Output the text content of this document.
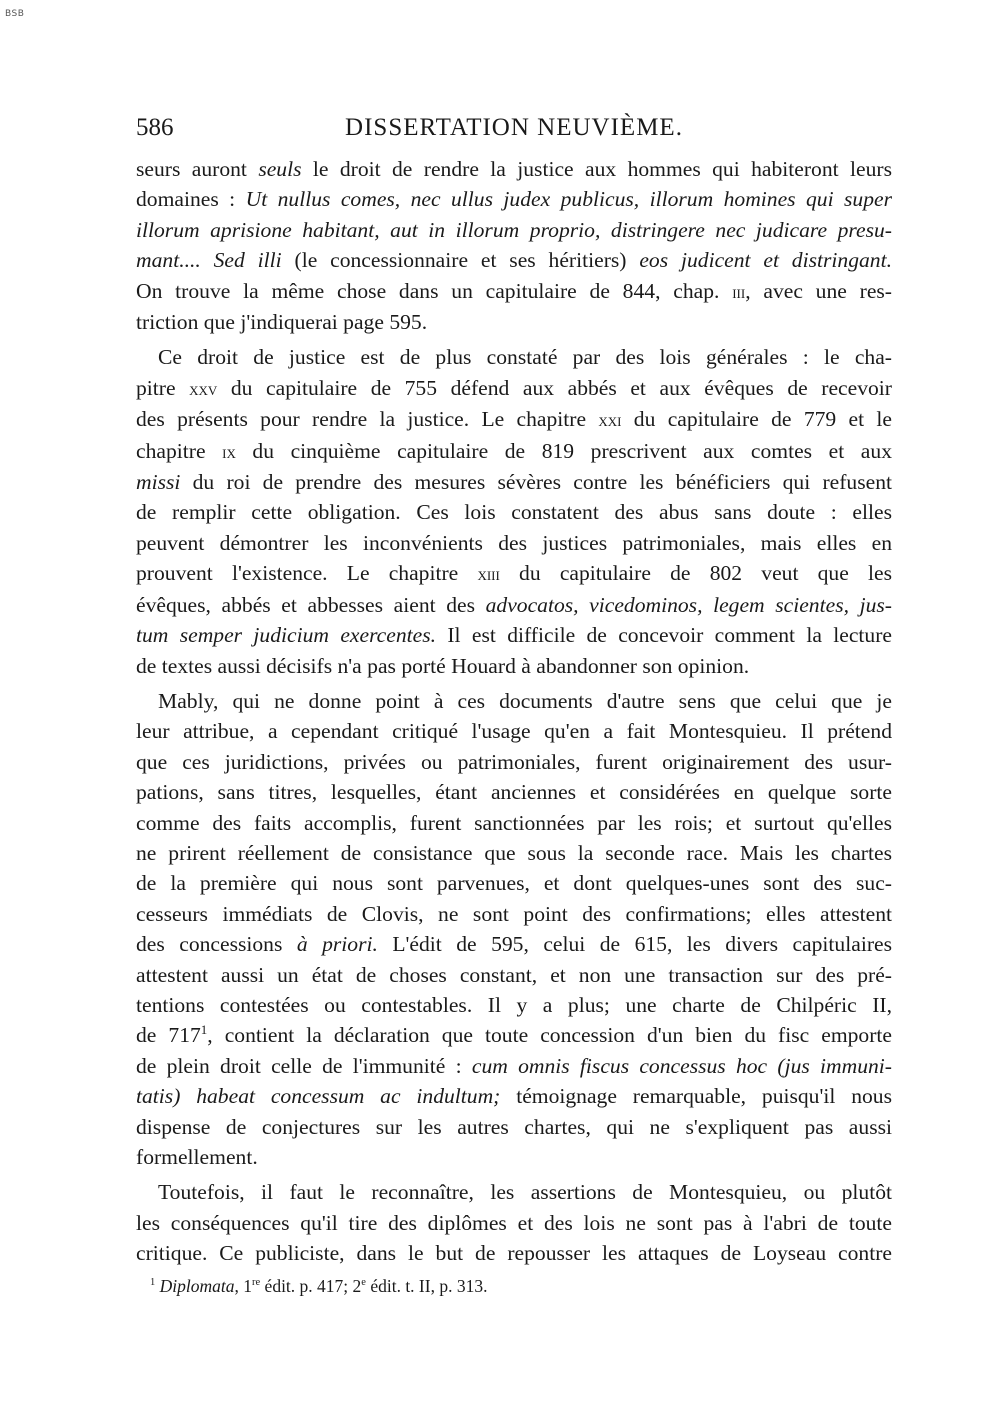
BSB
586	DISSERTATION NEUVIÈME.
seurs auront seuls le droit de rendre la justice aux hommes qui habiteront leurs
domaines : Ut nullus comes, nec ullus judex publicus, illorum homines qui super
illorum aprisione habitant, aut in illorum proprio, distringere nec judicare presu-
mant.... Sed illi (le concessionnaire et ses héritiers) eos judicent et distringant.
On trouve la même chose dans un capitulaire de 844, chap. iii, avec une res-
triction que j'indiquerai page 595.
Ce droit de justice est de plus constaté par des lois générales : le cha-
pitre xxv du capitulaire de 755 défend aux abbés et aux évêques de recevoir
des présents pour rendre la justice. Le chapitre xxi du capitulaire de 779 et le
chapitre ix du cinquième capitulaire de 819 prescrivent aux comtes et aux
missi du roi de prendre des mesures sévères contre les bénéficiers qui refusent
de remplir cette obligation. Ces lois constatent des abus sans doute : elles
peuvent démontrer les inconvénients des justices patrimoniales, mais elles en
prouvent l'existence. Le chapitre xiii du capitulaire de 802 veut que les
évêques, abbés et abbesses aient des advocatos, vicedominos, legem scientes, jus-
tum semper judicium exercentes. Il est difficile de concevoir comment la lecture
de textes aussi décisifs n'a pas porté Houard à abandonner son opinion.
Mably, qui ne donne point à ces documents d'autre sens que celui que je
leur attribue, a cependant critiqué l'usage qu'en a fait Montesquieu. Il prétend
que ces juridictions, privées ou patrimoniales, furent originairement des usur-
pations, sans titres, lesquelles, étant anciennes et considérées en quelque sorte
comme des faits accomplis, furent sanctionnées par les rois; et surtout qu'elles
ne prirent réellement de consistance que sous la seconde race. Mais les chartes
de la première qui nous sont parvenues, et dont quelques-unes sont des suc-
cesseurs immédiats de Clovis, ne sont point des confirmations; elles attestent
des concessions à priori. L'édit de 595, celui de 615, les divers capitulaires
attestent aussi un état de choses constant, et non une transaction sur des pré-
tentions contestées ou contestables. Il y a plus; une charte de Chilpéric II,
de $717^1$, contient la déclaration que toute concession d'un bien du fisc emporte
de plein droit celle de l'immunité : cum omnis fiscus concessus hoc (jus immuni-
tatis) habeat concessum ac indultum; témoignage remarquable, puisqu'il nous
dispense de conjectures sur les autres chartes, qui ne s'expliquent pas aussi
formellement.
Toutefois, il faut le reconnaître, les assertions de Montesquieu, ou plutôt
les conséquences qu'il tire des diplômes et des lois ne sont pas à l'abri de toute
critique. Ce publiciste, dans le but de repousser les attaques de Loyseau contre
$^1$ Diplomata, 1re édit. p. 417; 2e édit. t. II, p. 313.
